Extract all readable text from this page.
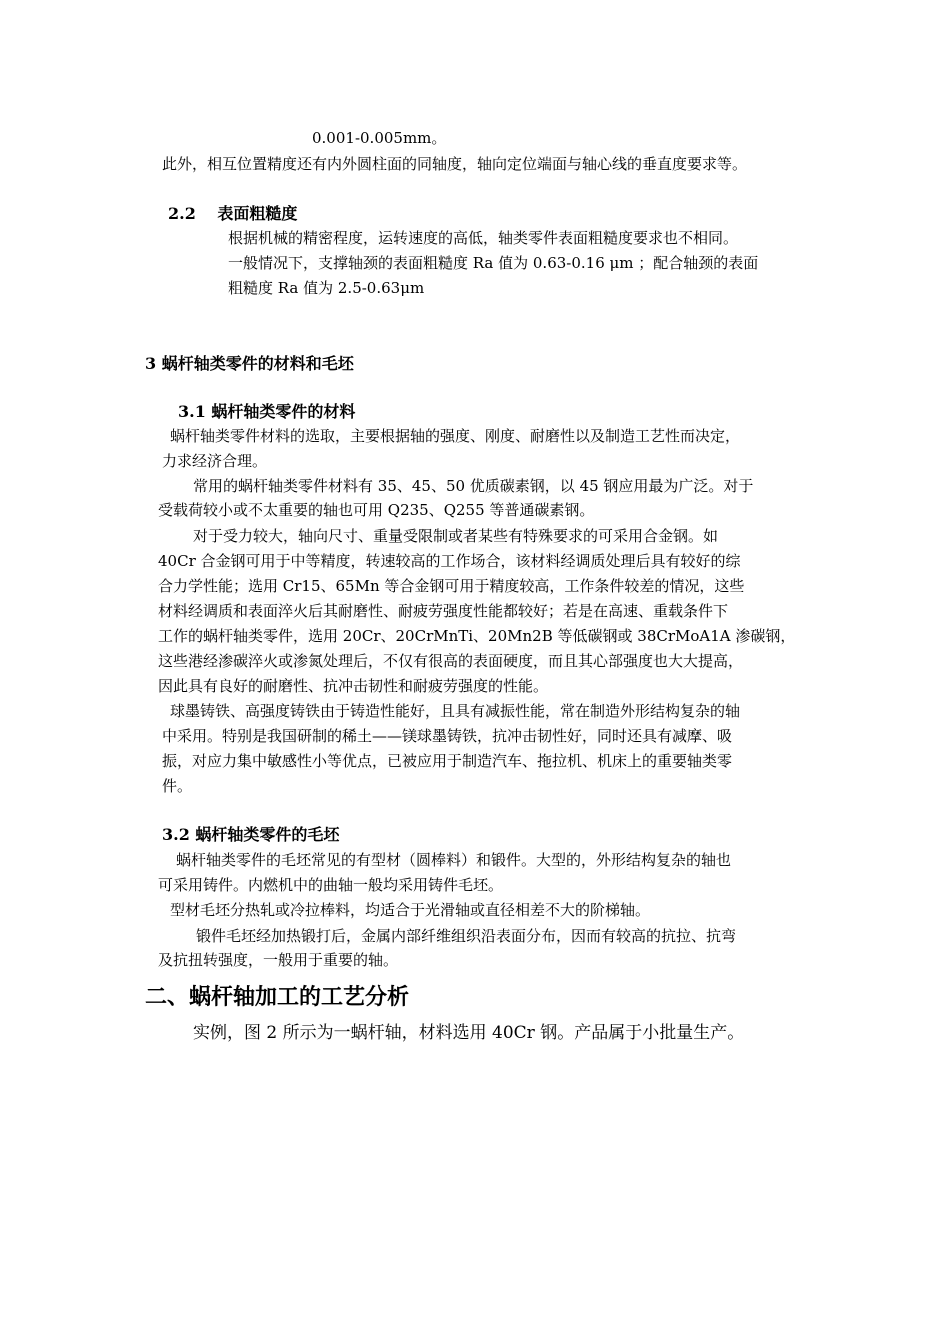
0.001-0.005mm。
此外，相互位置精度还有内外圆柱面的同轴度，轴向定位端面与轴心线的垂直度要求等。
2.2　 表面粗糙度
根据机械的精密程度，运转速度的高低，轴类零件表面粗糙度要求也不相同。
一般情况下，支撑轴颈的表面粗糙度 Ra 值为 0.63-0.16 μm ；配合轴颈的表面
粗糙度 Ra 值为 2.5-0.63μm
3 蜗杆轴类零件的材料和毛坯
3.1 蜗杆轴类零件的材料
蜗杆轴类零件材料的选取，主要根据轴的强度、刚度、耐磨性以及制造工艺性而决定，
力求经济合理。
常用的蜗杆轴类零件材料有 35、45、50 优质碳素钢，以 45 钢应用最为广泛。对于
受载荷较小或不太重要的轴也可用 Q235、Q255 等普通碳素钢。
对于受力较大，轴向尺寸、重量受限制或者某些有特殊要求的可采用合金钢。如
40Cr 合金钢可用于中等精度，转速较高的工作场合，该材料经调质处理后具有较好的综
合力学性能；选用 Cr15、65Mn 等合金钢可用于精度较高，工作条件较差的情况，这些
材料经调质和表面淬火后其耐磨性、耐疲劳强度性能都较好；若是在高速、重载条件下
工作的蜗杆轴类零件，选用 20Cr、20CrMnTi、20Mn2B 等低碳钢或 38CrMoA1A 渗碳钢，
这些港经渗碳淬火或渗氮处理后，不仅有很高的表面硬度，而且其心部强度也大大提高，
因此具有良好的耐磨性、抗冲击韧性和耐疲劳强度的性能。
球墨铸铁、高强度铸铁由于铸造性能好，且具有减振性能，常在制造外形结构复杂的轴
中采用。特别是我国研制的稀土——镁球墨铸铁，抗冲击韧性好，同时还具有减摩、吸
振，对应力集中敏感性小等优点，已被应用于制造汽车、拖拉机、机床上的重要轴类零
件。
3.2 蜗杆轴类零件的毛坯
蜗杆轴类零件的毛坯常见的有型材（圆棒料）和锻件。大型的，外形结构复杂的轴也
可采用铸件。内燃机中的曲轴一般均采用铸件毛坯。
型材毛坯分热轧或冷拉棒料，均适合于光滑轴或直径相差不大的阶梯轴。
锻件毛坯经加热锻打后，金属内部纤维组织沿表面分布，因而有较高的抗拉、抗弯
及抗扭转强度，一般用于重要的轴。
二、蜗杆轴加工的工艺分析
实例，图 2 所示为一蜗杆轴，材料选用 40Cr 钢。产品属于小批量生产。
